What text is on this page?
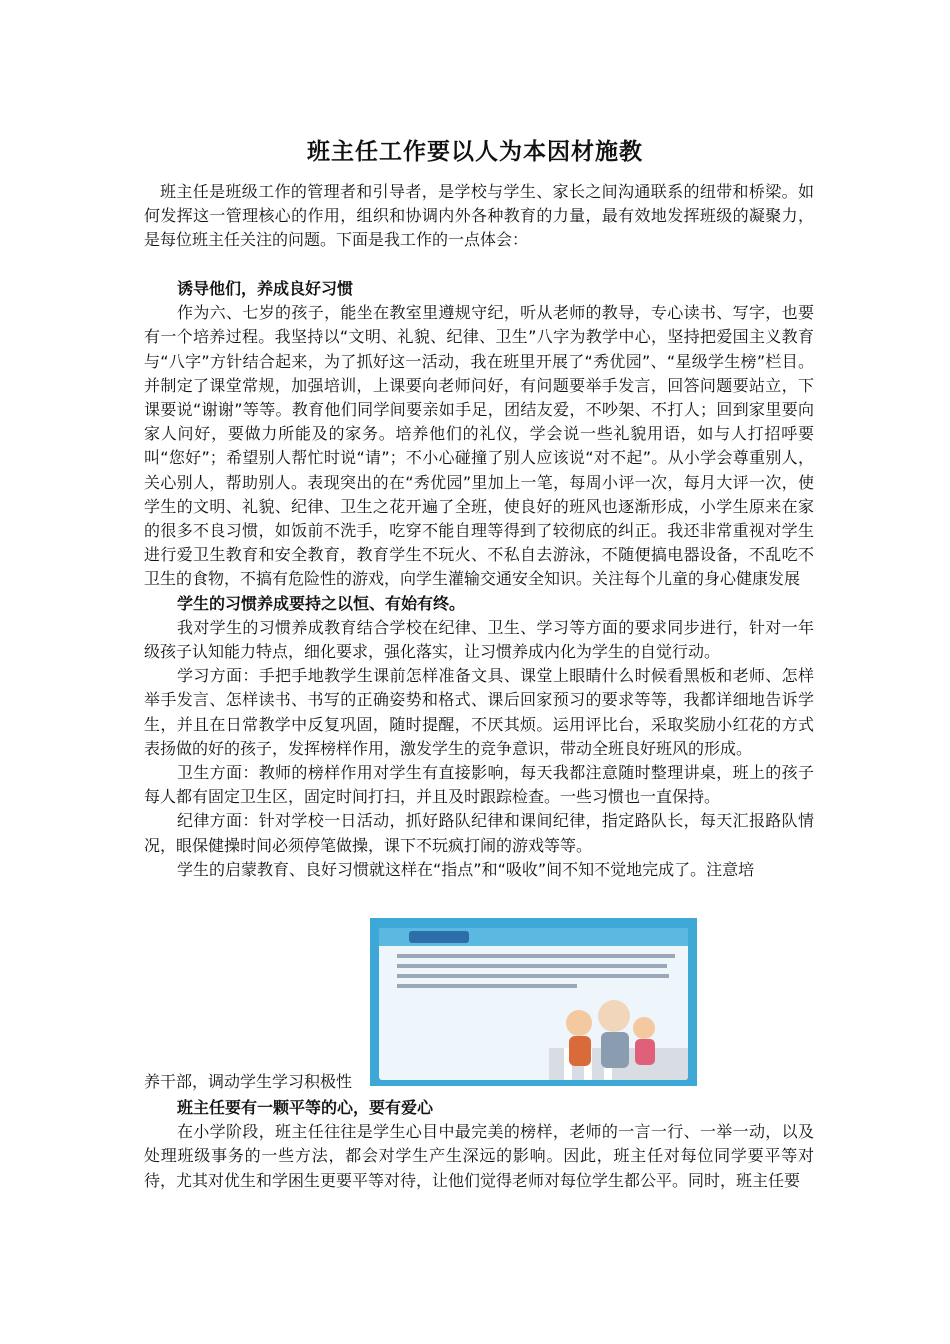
班主任工作要以人为本因材施教

班主任是班级工作的管理者和引导者，是学校与学生、家长之间沟通联系的纽带和桥梁。如何发挥这一管理核心的作用，组织和协调内外各种教育的力量，最有效地发挥班级的凝聚力，是每位班主任关注的问题。下面是我工作的一点体会：

诱导他们，养成良好习惯

作为六、七岁的孩子，能坐在教室里遵规守纪，听从老师的教导，专心读书、写字，也要有一个培养过程。我坚持以“文明、礼貌、纪律、卫生”八字为教学中心，坚持把爱国主义教育与“八字”方针结合起来，为了抓好这一活动，我在班里开展了“秀优园”、“星级学生榜”栏目。并制定了课堂常规，加强培训，上课要向老师问好，有问题要举手发言，回答问题要站立，下课要说“谢谢”等等。教育他们同学间要亲如手足，团结友爱，不吵架、不打人；回到家里要向家人问好，要做力所能及的家务。培养他们的礼仪，学会说一些礼貌用语，如与人打招呼要叫“您好”；希望别人帮忙时说“请”；不小心碰撞了别人应该说“对不起”。从小学会尊重别人，关心别人，帮助别人。表现突出的在“秀优园”里加上一笔，每周小评一次，每月大评一次，使学生的文明、礼貌、纪律、卫生之花开遍了全班，使良好的班风也逐渐形成，小学生原来在家的很多不良习惯，如饭前不洗手，吃穿不能自理等得到了较彻底的纠正。我还非常重视对学生进行爱卫生教育和安全教育，教育学生不玩火、不私自去游泳，不随便搞电器设备，不乱吃不卫生的食物，不搞有危险性的游戏，向学生灌输交通安全知识。关注每个儿童的身心健康发展

学生的习惯养成要持之以恒、有始有终。

我对学生的习惯养成教育结合学校在纪律、卫生、学习等方面的要求同步进行，针对一年级孩子认知能力特点，细化要求，强化落实，让习惯养成内化为学生的自觉行动。

学习方面：手把手地教学生课前怎样准备文具、课堂上眼睛什么时候看黑板和老师、怎样举手发言、怎样读书、书写的正确姿势和格式、课后回家预习的要求等等，我都详细地告诉学生，并且在日常教学中反复巩固，随时提醒，不厌其烦。运用评比台，采取奖励小红花的方式表扬做的好的孩子，发挥榜样作用，激发学生的竞争意识，带动全班良好班风的形成。

卫生方面：教师的榜样作用对学生有直接影响，每天我都注意随时整理讲桌，班上的孩子每人都有固定卫生区，固定时间打扫，并且及时跟踪检查。一些习惯也一直保持。

纪律方面：针对学校一日活动，抓好路队纪律和课间纪律，指定路队长，每天汇报路队情况，眼保健操时间必须停笔做操，课下不玩疯打闹的游戏等等。

学生的启蒙教育、良好习惯就这样在“指点”和“吸收”间不知不觉地完成了。注意培

养干部，调动学生学习积极性

班主任要有一颗平等的心，要有爱心

在小学阶段，班主任往往是学生心目中最完美的榜样，老师的一言一行、一举一动，以及处理班级事务的一些方法，都会对学生产生深远的影响。因此，班主任对每位同学要平等对待，尤其对优生和学困生更要平等对待，让他们觉得老师对每位学生都公平。同时，班主任要
